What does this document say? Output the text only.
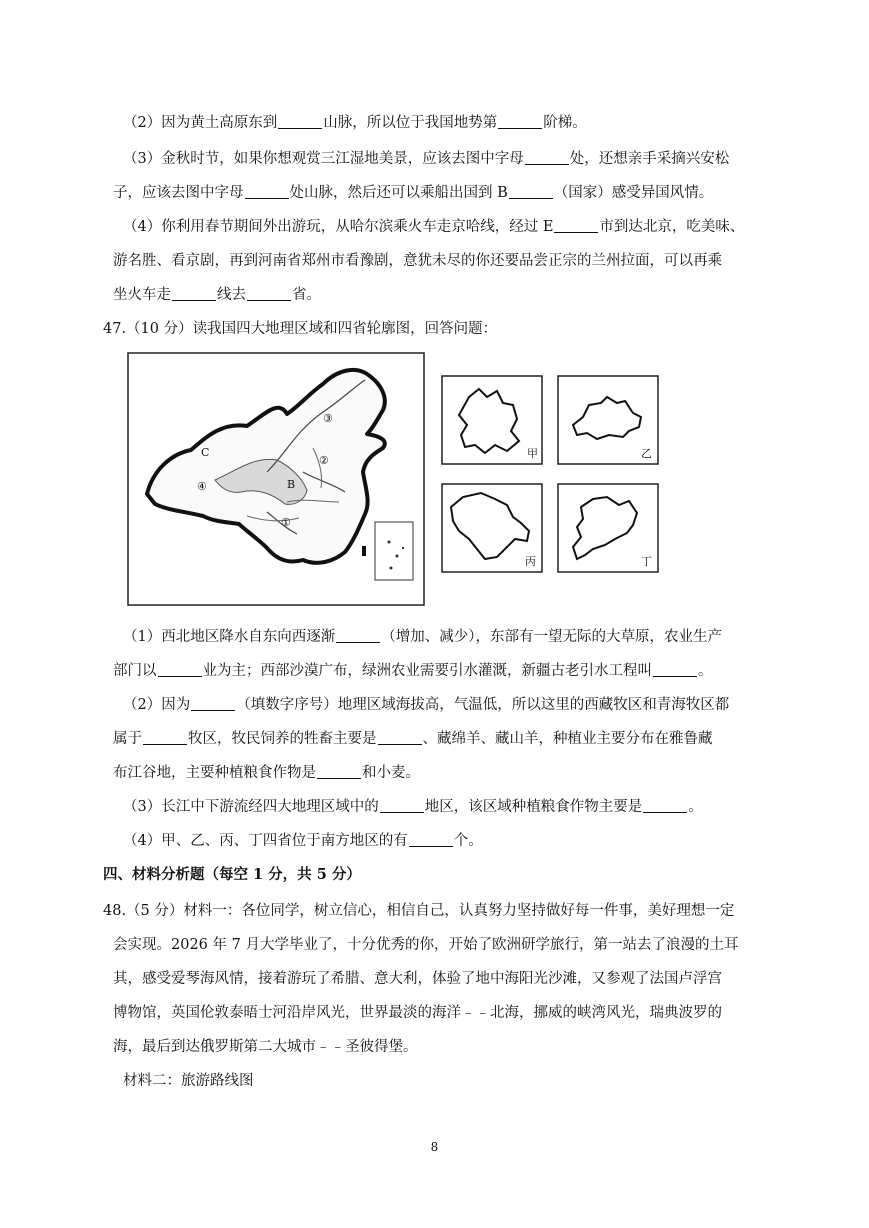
（2）因为黄土高原东到	山脉，所以位于我国地势第	阶梯。
（3）金秋时节，如果你想观赏三江湿地美景，应该去图中字母	处，还想亲手采摘兴安松
子，应该去图中字母	处山脉，然后还可以乘船出国到 B	（国家）感受异国风情。
（4）你利用春节期间外出游玩，从哈尔滨乘火车走京哈线，经过 E	市到达北京，吃美味、
游名胜、看京剧，再到河南省郑州市看豫剧，意犹未尽的你还要品尝正宗的兰州拉面，可以再乘
坐火车走	线去	省。
47.（10 分）读我国四大地理区域和四省轮廓图，回答问题：
C
④
③
②
B
①
甲	乙
丙	丁
（1）西北地区降水自东向西逐渐	（增加、减少），东部有一望无际的大草原，农业生产
部门以	业为主；西部沙漠广布，绿洲农业需要引水灌溉，新疆古老引水工程叫	。
（2）因为	（填数字序号）地理区域海拔高，气温低，所以这里的西藏牧区和青海牧区都
属于	牧区，牧民饲养的牲畜主要是	、藏绵羊、藏山羊，种植业主要分布在雅鲁藏
布江谷地，主要种植粮食作物是	和小麦。
（3）长江中下游流经四大地理区域中的	地区，该区域种植粮食作物主要是	。
（4）甲、乙、丙、丁四省位于南方地区的有	个。
四、材料分析题（每空 1 分，共 5 分）
48.（5 分）材料一：各位同学，树立信心，相信自己，认真努力坚持做好每一件事，美好理想一定
会实现。2026 年 7 月大学毕业了，十分优秀的你，开始了欧洲研学旅行，第一站去了浪漫的土耳
其，感受爱琴海风情，接着游玩了希腊、意大利，体验了地中海阳光沙滩，又参观了法国卢浮宫
博物馆，英国伦敦泰晤士河沿岸风光，世界最淡的海洋﹣﹣北海，挪威的峡湾风光，瑞典波罗的
海，最后到达俄罗斯第二大城市﹣﹣圣彼得堡。
材料二：旅游路线图
8
